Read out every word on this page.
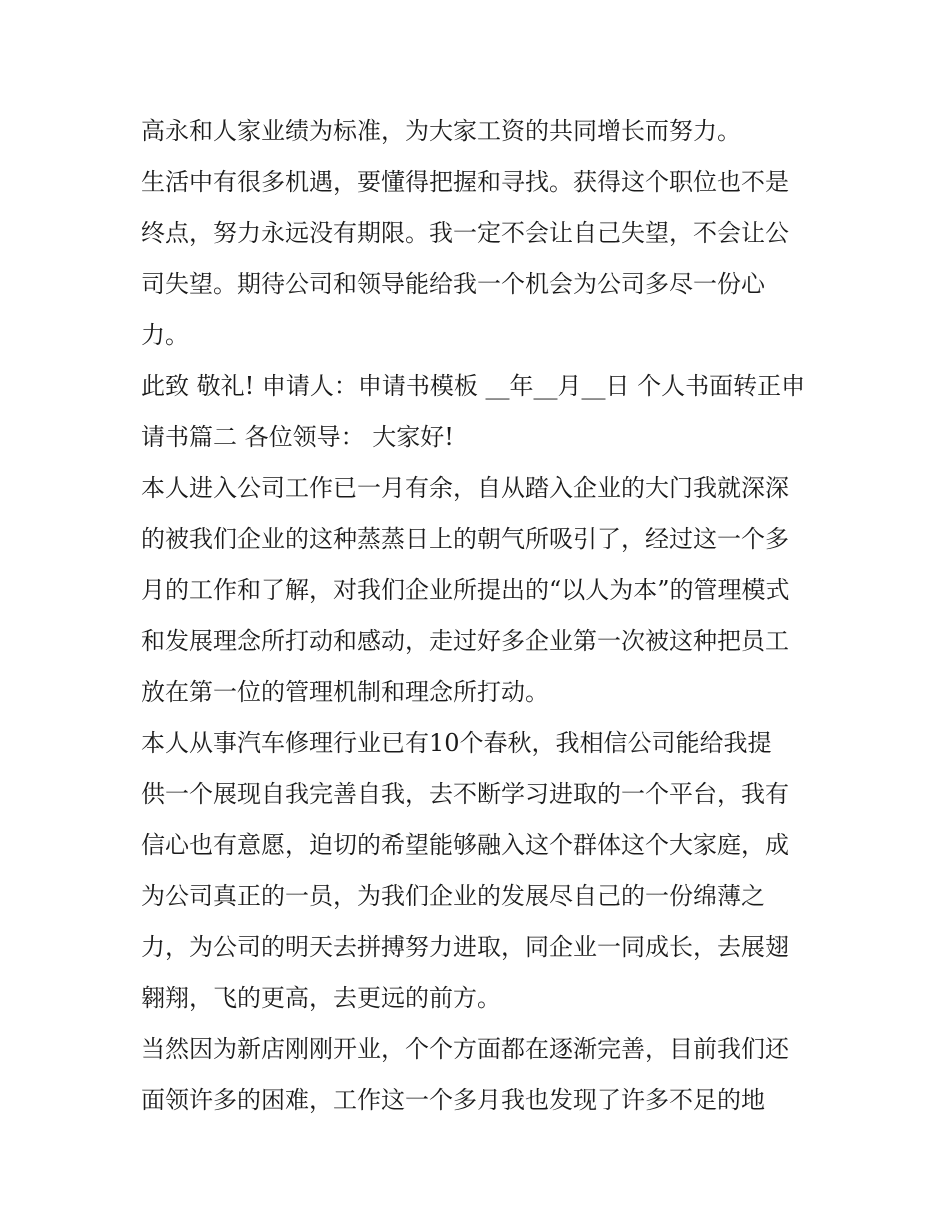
高永和人家业绩为标准，为大家工资的共同增长而努力。
生活中有很多机遇，要懂得把握和寻找。获得这个职位也不是
终点，努力永远没有期限。我一定不会让自己失望，不会让公
司失望。期待公司和领导能给我一个机会为公司多尽一份心
力。
此致 敬礼! 申请人：申请书模板 __年__月__日 个人书面转正申
请书篇二 各位领导： 大家好!
本人进入公司工作已一月有余，自从踏入企业的大门我就深深
的被我们企业的这种蒸蒸日上的朝气所吸引了，经过这一个多
月的工作和了解，对我们企业所提出的“以人为本”的管理模式
和发展理念所打动和感动，走过好多企业第一次被这种把员工
放在第一位的管理机制和理念所打动。
本人从事汽车修理行业已有10个春秋，我相信公司能给我提
供一个展现自我完善自我，去不断学习进取的一个平台，我有
信心也有意愿，迫切的希望能够融入这个群体这个大家庭，成
为公司真正的一员，为我们企业的发展尽自己的一份绵薄之
力，为公司的明天去拼搏努力进取，同企业一同成长，去展翅
翱翔，飞的更高，去更远的前方。
当然因为新店刚刚开业，个个方面都在逐渐完善，目前我们还
面领许多的困难，工作这一个多月我也发现了许多不足的地
